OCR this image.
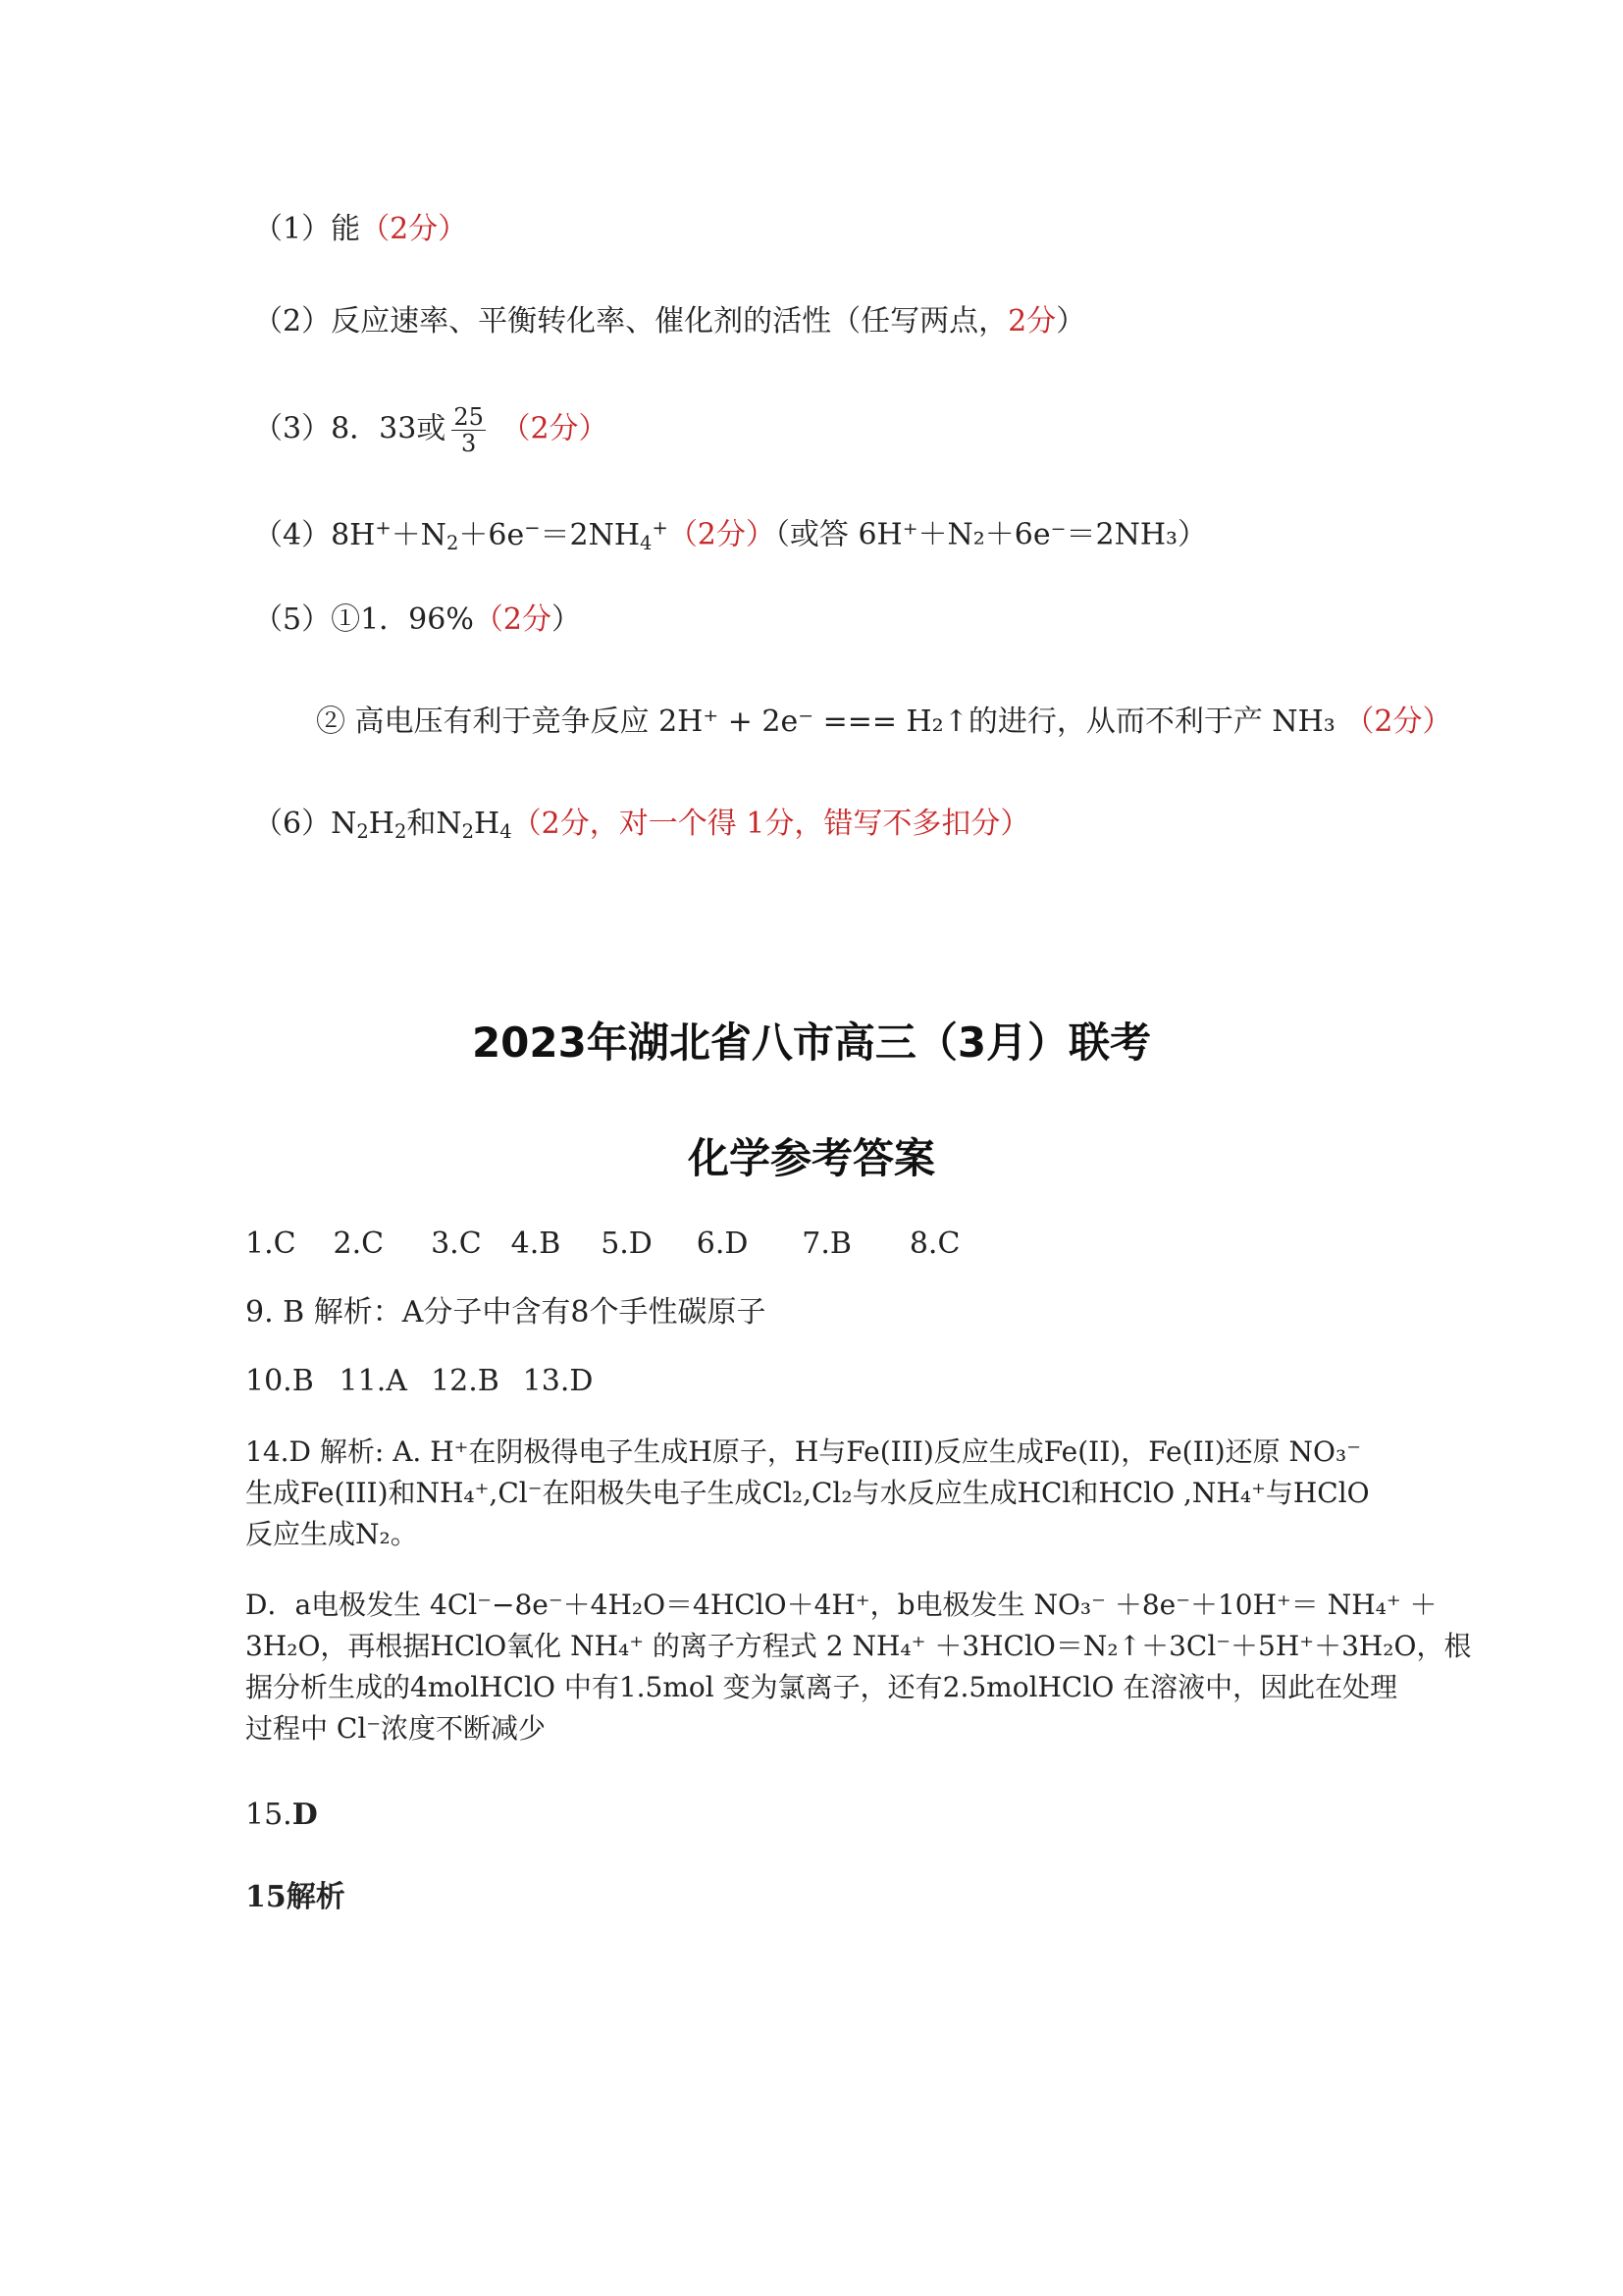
（1）能（2分）
（2）反应速率、平衡转化率、催化剂的活性（任写两点，2分）
（3）8．33或 $\frac{25}{3} (2$分）
$(4)8H^++N_2+6e^-=2NH_4^+(2$分）（或答 6H⁺＋N₂＋6e⁻＝2NH₃）
（5）①1．96%（2分）
② 高电压有利于竞争反应 2H⁺ + 2e⁻ === H₂↑的进行，从而不利于产 NH₃ （2分）
$(6)N_2H_2$和$N_2H_4(2$分，对一个得 1分，错写不多扣分）
2023年湖北省八市高三（3月）联考
化学参考答案
1.C 2.C 3.C 4.B 5.D 6.D 7.B 8.C
9. B 解析：A分子中含有8个手性碳原子
10.B 11.A 12.B 13.D
14.D 解析: A. H⁺在阴极得电子生成H原子，H与Fe(III)反应生成Fe(II)，Fe(II)还原 NO₃⁻
生成Fe(III)和NH₄⁺,Cl⁻在阳极失电子生成Cl₂,Cl₂与水反应生成HCl和HClO ,NH₄⁺与HClO
反应生成N₂。
D．a电极发生 4Cl⁻−8e⁻＋4H₂O＝4HClO＋4H⁺，b电极发生 NO₃⁻ ＋8e⁻＋10H⁺＝ NH₄⁺ ＋
3H₂O，再根据HClO氧化 NH₄⁺ 的离子方程式 2 NH₄⁺ ＋3HClO＝N₂↑＋3Cl⁻＋5H⁺＋3H₂O，根
据分析生成的4molHClO 中有1.5mol 变为氯离子，还有2.5molHClO 在溶液中，因此在处理
过程中 Cl⁻浓度不断减少
15.D
15解析
